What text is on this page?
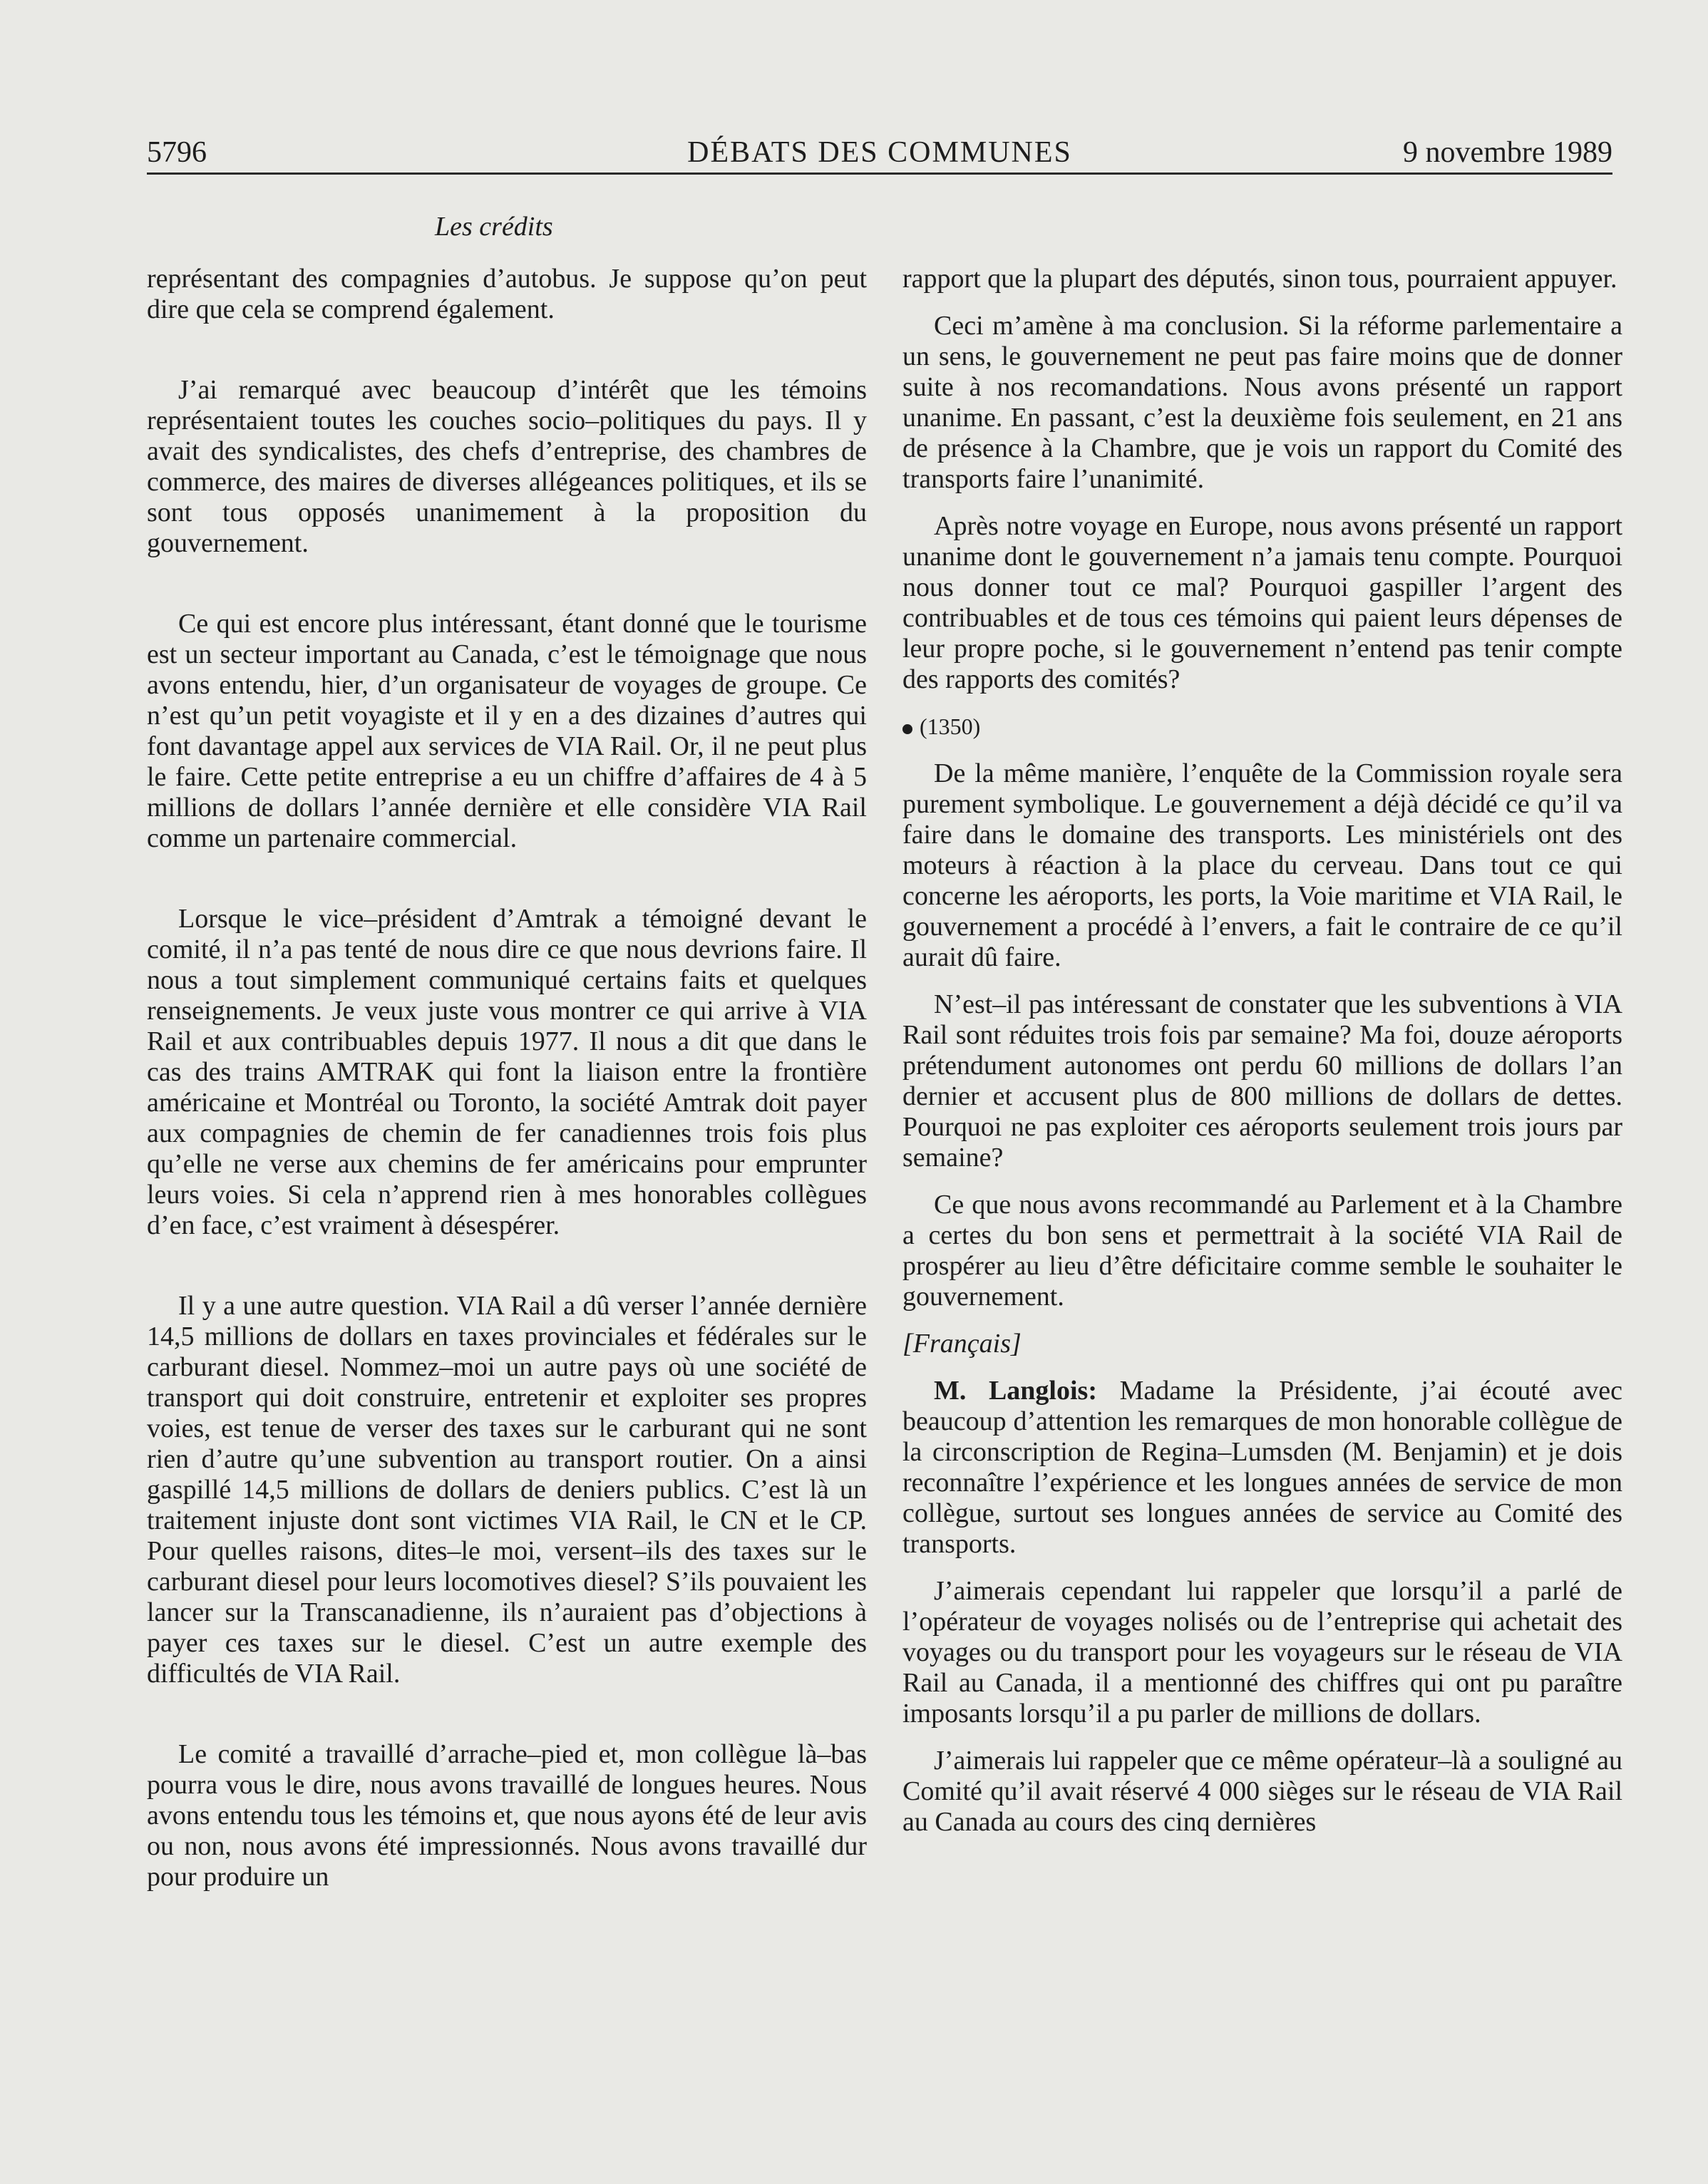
5796	DÉBATS DES COMMUNES	9 novembre 1989
Les crédits

représentant des compagnies d’autobus. Je suppose qu’on peut dire que cela se comprend également.

J’ai remarqué avec beaucoup d’intérêt que les témoins représentaient toutes les couches socio–politiques du pays. Il y avait des syndicalistes, des chefs d’entreprise, des chambres de commerce, des maires de diverses allégeances politiques, et ils se sont tous opposés unanimement à la proposition du gouvernement.

Ce qui est encore plus intéressant, étant donné que le tourisme est un secteur important au Canada, c’est le témoignage que nous avons entendu, hier, d’un organisateur de voyages de groupe. Ce n’est qu’un petit voyagiste et il y en a des dizaines d’autres qui font davantage appel aux services de VIA Rail. Or, il ne peut plus le faire. Cette petite entreprise a eu un chiffre d’affaires de 4 à 5 millions de dollars l’année dernière et elle considère VIA Rail comme un partenaire commercial.

Lorsque le vice–président d’Amtrak a témoigné devant le comité, il n’a pas tenté de nous dire ce que nous devrions faire. Il nous a tout simplement communiqué certains faits et quelques renseignements. Je veux juste vous montrer ce qui arrive à VIA Rail et aux contribuables depuis 1977. Il nous a dit que dans le cas des trains AMTRAK qui font la liaison entre la frontière américaine et Montréal ou Toronto, la société Amtrak doit payer aux compagnies de chemin de fer canadiennes trois fois plus qu’elle ne verse aux chemins de fer américains pour emprunter leurs voies. Si cela n’apprend rien à mes honorables collègues d’en face, c’est vraiment à désespérer.

Il y a une autre question. VIA Rail a dû verser l’année dernière 14,5 millions de dollars en taxes provinciales et fédérales sur le carburant diesel. Nommez–moi un autre pays où une société de transport qui doit construire, entretenir et exploiter ses propres voies, est tenue de verser des taxes sur le carburant qui ne sont rien d’autre qu’une subvention au transport routier. On a ainsi gaspillé 14,5 millions de dollars de deniers publics. C’est là un traitement injuste dont sont victimes VIA Rail, le CN et le CP. Pour quelles raisons, dites–le moi, versent–ils des taxes sur le carburant diesel pour leurs locomotives diesel? S’ils pouvaient les lancer sur la Transcanadienne, ils n’auraient pas d’objections à payer ces taxes sur le diesel. C’est un autre exemple des difficultés de VIA Rail.

Le comité a travaillé d’arrache–pied et, mon collègue là–bas pourra vous le dire, nous avons travaillé de longues heures. Nous avons entendu tous les témoins et, que nous ayons été de leur avis ou non, nous avons été impressionnés. Nous avons travaillé dur pour produire un

rapport que la plupart des députés, sinon tous, pourraient appuyer.

Ceci m’amène à ma conclusion. Si la réforme parlementaire a un sens, le gouvernement ne peut pas faire moins que de donner suite à nos recomandations. Nous avons présenté un rapport unanime. En passant, c’est la deuxième fois seulement, en 21 ans de présence à la Chambre, que je vois un rapport du Comité des transports faire l’unanimité.

Après notre voyage en Europe, nous avons présenté un rapport unanime dont le gouvernement n’a jamais tenu compte. Pourquoi nous donner tout ce mal? Pourquoi gaspiller l’argent des contribuables et de tous ces témoins qui paient leurs dépenses de leur propre poche, si le gouvernement n’entend pas tenir compte des rapports des comités?

(1350)

De la même manière, l’enquête de la Commission royale sera purement symbolique. Le gouvernement a déjà décidé ce qu’il va faire dans le domaine des transports. Les ministériels ont des moteurs à réaction à la place du cerveau. Dans tout ce qui concerne les aéroports, les ports, la Voie maritime et VIA Rail, le gouvernement a procédé à l’envers, a fait le contraire de ce qu’il aurait dû faire.

N’est–il pas intéressant de constater que les subventions à VIA Rail sont réduites trois fois par semaine? Ma foi, douze aéroports prétendument autonomes ont perdu 60 millions de dollars l’an dernier et accusent plus de 800 millions de dollars de dettes. Pourquoi ne pas exploiter ces aéroports seulement trois jours par semaine?

Ce que nous avons recommandé au Parlement et à la Chambre a certes du bon sens et permettrait à la société VIA Rail de prospérer au lieu d’être déficitaire comme semble le souhaiter le gouvernement.

[Français]

M. Langlois: Madame la Présidente, j’ai écouté avec beaucoup d’attention les remarques de mon honorable collègue de la circonscription de Regina–Lumsden (M. Benjamin) et je dois reconnaître l’expérience et les longues années de service de mon collègue, surtout ses longues années de service au Comité des transports.

J’aimerais cependant lui rappeler que lorsqu’il a parlé de l’opérateur de voyages nolisés ou de l’entreprise qui achetait des voyages ou du transport pour les voyageurs sur le réseau de VIA Rail au Canada, il a mentionné des chiffres qui ont pu paraître imposants lorsqu’il a pu parler de millions de dollars.

J’aimerais lui rappeler que ce même opérateur–là a souligné au Comité qu’il avait réservé 4 000 sièges sur le réseau de VIA Rail au Canada au cours des cinq dernières
